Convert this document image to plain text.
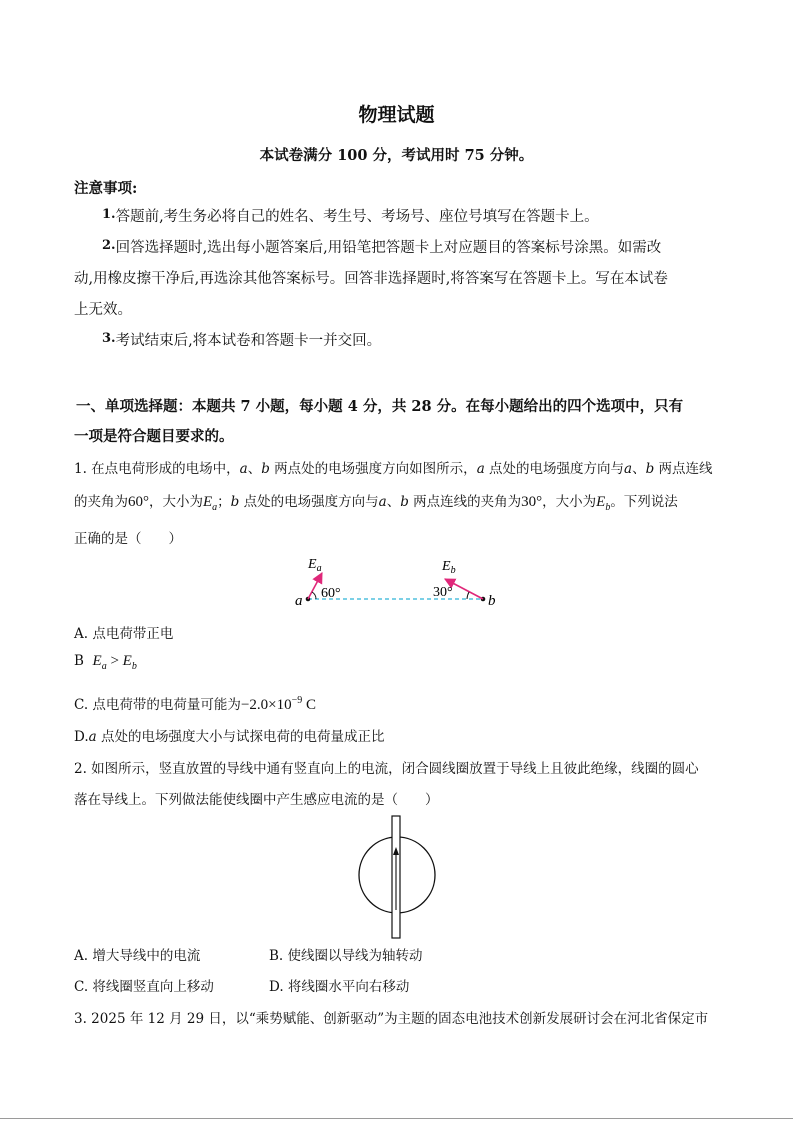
物理试题
本试卷满分 100 分，考试用时 75 分钟。
注意事项:
1.答题前,考生务必将自己的姓名、考生号、考场号、座位号填写在答题卡上。
2.回答选择题时,选出每小题答案后,用铅笔把答题卡上对应题目的答案标号涂黑。如需改
动,用橡皮擦干净后,再选涂其他答案标号。回答非选择题时,将答案写在答题卡上。写在本试卷
上无效。
3.考试结束后,将本试卷和答题卡一并交回。
一、单项选择题：本题共 7 小题，每小题 4 分，共 28 分。在每小题给出的四个选项中，只有
一项是符合题目要求的。
1. 在点电荷形成的电场中，a、b 两点处的电场强度方向如图所示，a 点处的电场强度方向与a、b 两点连线
的夹角为60°，大小为$E_a$；b 点处的电场强度方向与a、b 两点连线的夹角为30°，大小为$E_b$。下列说法
正确的是（　　）
$E_a$	$E_b$
60°	30°
a	b
A. 点电荷带正电
B $E_a > E_b$
C. 点电荷带的电荷量可能为$-2.0\times 10^{-9}$ C
D.a 点处的电场强度大小与试探电荷的电荷量成正比
2. 如图所示，竖直放置的导线中通有竖直向上的电流，闭合圆线圈放置于导线上且彼此绝缘，线圈的圆心
落在导线上。下列做法能使线圈中产生感应电流的是（　　）
A. 增大导线中的电流	B. 使线圈以导线为轴转动
C. 将线圈竖直向上移动	D. 将线圈水平向右移动
3. 2025 年 12 月 29 日，以“乘势赋能、创新驱动”为主题的固态电池技术创新发展研讨会在河北省保定市
